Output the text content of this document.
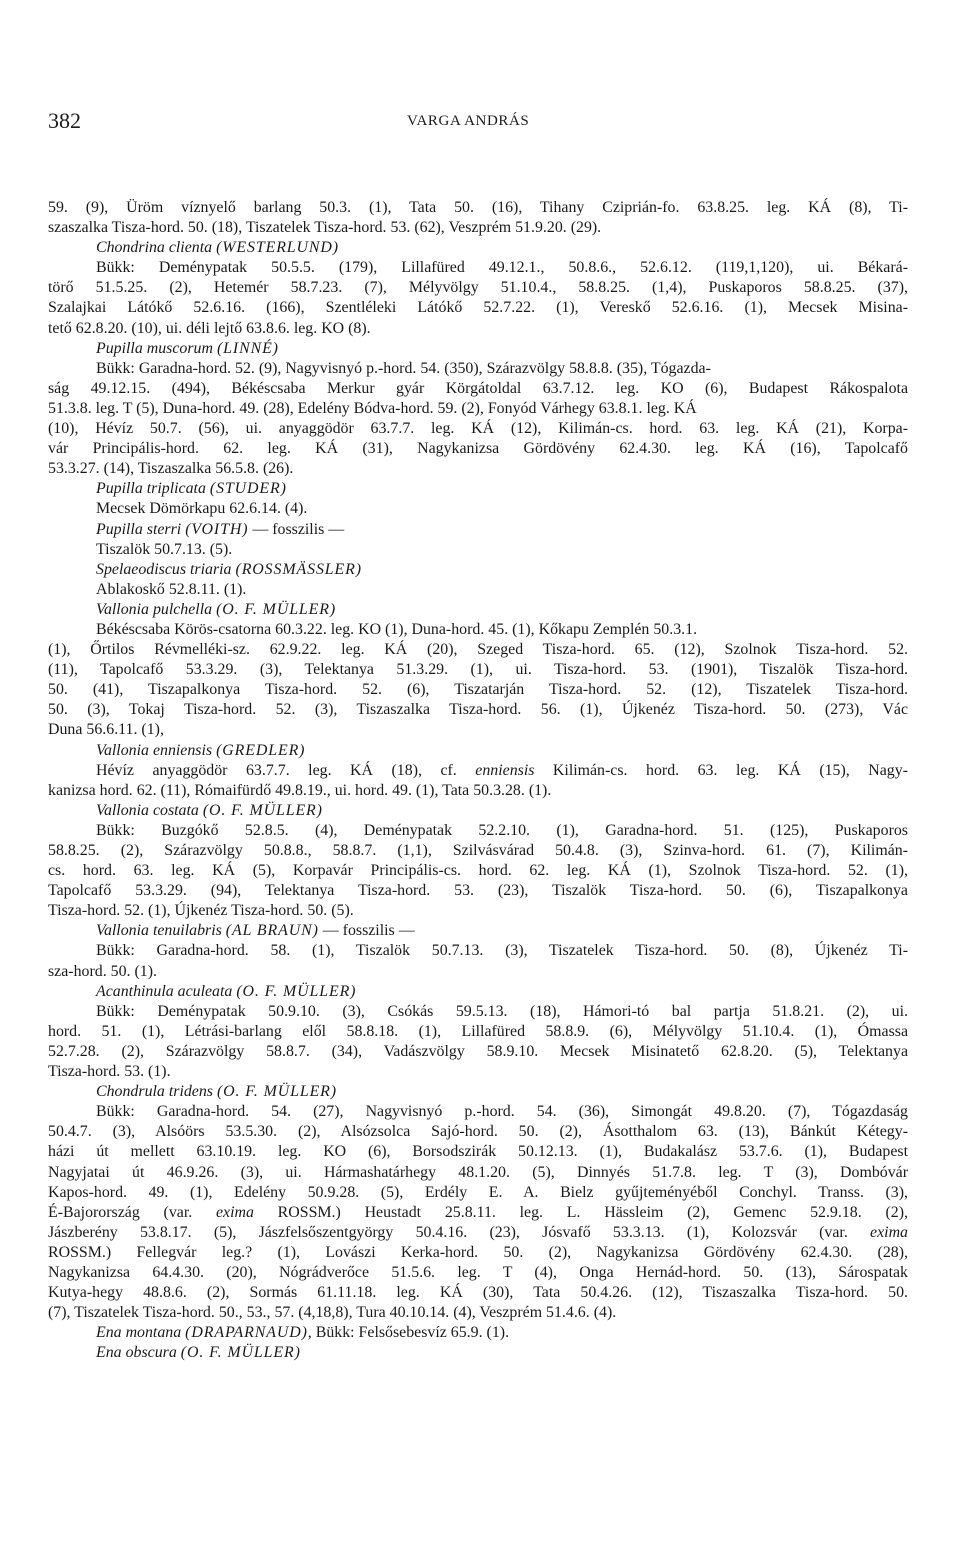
382	VARGA ANDRÁS
59. (9), Üröm víznyelő barlang 50.3. (1), Tata 50. (16), Tihany Cziprián-fo. 63.8.25. leg. KÁ (8), Ti-
szaszalka Tisza-hord. 50. (18), Tiszatelek Tisza-hord. 53. (62), Veszprém 51.9.20. (29).
Chondrina clienta (WESTERLUND)
Bükk: Deménypatak 50.5.5. (179), Lillafüred 49.12.1., 50.8.6., 52.6.12. (119,1,120), ui. Békará-
törő 51.5.25. (2), Hetemér 58.7.23. (7), Mélyvölgy 51.10.4., 58.8.25. (1,4), Puskaporos 58.8.25. (37),
Szalajkai Látókő 52.6.16. (166), Szentléleki Látókő 52.7.22. (1), Vereskő 52.6.16. (1), Mecsek Misina-
tető 62.8.20. (10), ui. déli lejtő 63.8.6. leg. KO (8).
Pupilla muscorum (LINNÉ)
Bükk: Garadna-hord. 52. (9), Nagyvisnyó p.-hord. 54. (350), Szárazvölgy 58.8.8. (35), Tógazda-
ság 49.12.15. (494), Békéscsaba Merkur gyár Körgátoldal 63.7.12. leg. KO (6), Budapest Rákospalota
51.3.8. leg. T (5), Duna-hord. 49. (28), Edelény Bódva-hord. 59. (2), Fonyód Várhegy 63.8.1. leg. KÁ
(10), Hévíz 50.7. (56), ui. anyaggödör 63.7.7. leg. KÁ (12), Kilimán-cs. hord. 63. leg. KÁ (21), Korpa-
vár Principális-hord. 62. leg. KÁ (31), Nagykanizsa Gördövény 62.4.30. leg. KÁ (16), Tapolcafő
53.3.27. (14), Tiszaszalka 56.5.8. (26).
Pupilla triplicata (STUDER)
Mecsek Dömörkapu 62.6.14. (4).
Pupilla sterri (VOITH) — fosszilis —
Tiszalök 50.7.13. (5).
Spelaeodiscus triaria (ROSSMÄSSLER)
Ablakoskő 52.8.11. (1).
Vallonia pulchella (O. F. MÜLLER)
Békéscsaba Körös-csatorna 60.3.22. leg. KO (1), Duna-hord. 45. (1), Kőkapu Zemplén 50.3.1.
(1), Őrtilos Révmelléki-sz. 62.9.22. leg. KÁ (20), Szeged Tisza-hord. 65. (12), Szolnok Tisza-hord. 52.
(11), Tapolcafő 53.3.29. (3), Telektanya 51.3.29. (1), ui. Tisza-hord. 53. (1901), Tiszalök Tisza-hord.
50. (41), Tiszapalkonya Tisza-hord. 52. (6), Tiszatarján Tisza-hord. 52. (12), Tiszatelek Tisza-hord.
50. (3), Tokaj Tisza-hord. 52. (3), Tiszaszalka Tisza-hord. 56. (1), Újkenéz Tisza-hord. 50. (273), Vác
Duna 56.6.11. (1),
Vallonia enniensis (GREDLER)
Hévíz anyaggödör 63.7.7. leg. KÁ (18), cf. enniensis Kilimán-cs. hord. 63. leg. KÁ (15), Nagy-
kanizsa hord. 62. (11), Rómaifürdő 49.8.19., ui. hord. 49. (1), Tata 50.3.28. (1).
Vallonia costata (O. F. MÜLLER)
Bükk: Buzgókő 52.8.5. (4), Deménypatak 52.2.10. (1), Garadna-hord. 51. (125), Puskaporos
58.8.25. (2), Szárazvölgy 50.8.8., 58.8.7. (1,1), Szilvásvárad 50.4.8. (3), Szinva-hord. 61. (7), Kilimán-
cs. hord. 63. leg. KÁ (5), Korpavár Principális-cs. hord. 62. leg. KÁ (1), Szolnok Tisza-hord. 52. (1),
Tapolcafő 53.3.29. (94), Telektanya Tisza-hord. 53. (23), Tiszalök Tisza-hord. 50. (6), Tiszapalkonya
Tisza-hord. 52. (1), Újkenéz Tisza-hord. 50. (5).
Vallonia tenuilabris (AL BRAUN) — fosszilis —
Bükk: Garadna-hord. 58. (1), Tiszalök 50.7.13. (3), Tiszatelek Tisza-hord. 50. (8), Újkenéz Ti-
sza-hord. 50. (1).
Acanthinula aculeata (O. F. MÜLLER)
Bükk: Deménypatak 50.9.10. (3), Csókás 59.5.13. (18), Hámori-tó bal partja 51.8.21. (2), ui.
hord. 51. (1), Létrási-barlang elől 58.8.18. (1), Lillafüred 58.8.9. (6), Mélyvölgy 51.10.4. (1), Ómassa
52.7.28. (2), Szárazvölgy 58.8.7. (34), Vadászvölgy 58.9.10. Mecsek Misinatető 62.8.20. (5), Telektanya
Tisza-hord. 53. (1).
Chondrula tridens (O. F. MÜLLER)
Bükk: Garadna-hord. 54. (27), Nagyvisnyó p.-hord. 54. (36), Simongát 49.8.20. (7), Tógazdaság
50.4.7. (3), Alsóörs 53.5.30. (2), Alsózsolca Sajó-hord. 50. (2), Ásotthalom 63. (13), Bánkút Kétegy-
házi út mellett 63.10.19. leg. KO (6), Borsodszirák 50.12.13. (1), Budakalász 53.7.6. (1), Budapest
Nagyjatai út 46.9.26. (3), ui. Hármashatárhegy 48.1.20. (5), Dinnyés 51.7.8. leg. T (3), Dombóvár
Kapos-hord. 49. (1), Edelény 50.9.28. (5), Erdély E. A. Bielz gyűjteményéből Conchyl. Transs. (3),
É-Bajorország (var. exima ROSSM.) Heustadt 25.8.11. leg. L. Hässleim (2), Gemenc 52.9.18. (2),
Jászberény 53.8.17. (5), Jászfelsőszentgyörgy 50.4.16. (23), Jósvafő 53.3.13. (1), Kolozsvár (var. exima
ROSSM.) Fellegvár leg.? (1), Lovászi Kerka-hord. 50. (2), Nagykanizsa Gördövény 62.4.30. (28),
Nagykanizsa 64.4.30. (20), Nógrádverőce 51.5.6. leg. T (4), Onga Hernád-hord. 50. (13), Sárospatak
Kutya-hegy 48.8.6. (2), Sormás 61.11.18. leg. KÁ (30), Tata 50.4.26. (12), Tiszaszalka Tisza-hord. 50.
(7), Tiszatelek Tisza-hord. 50., 53., 57. (4,18,8), Tura 40.10.14. (4), Veszprém 51.4.6. (4).
Ena montana (DRAPARNAUD), Bükk: Felsősebesvíz 65.9. (1).
Ena obscura (O. F. MÜLLER)
